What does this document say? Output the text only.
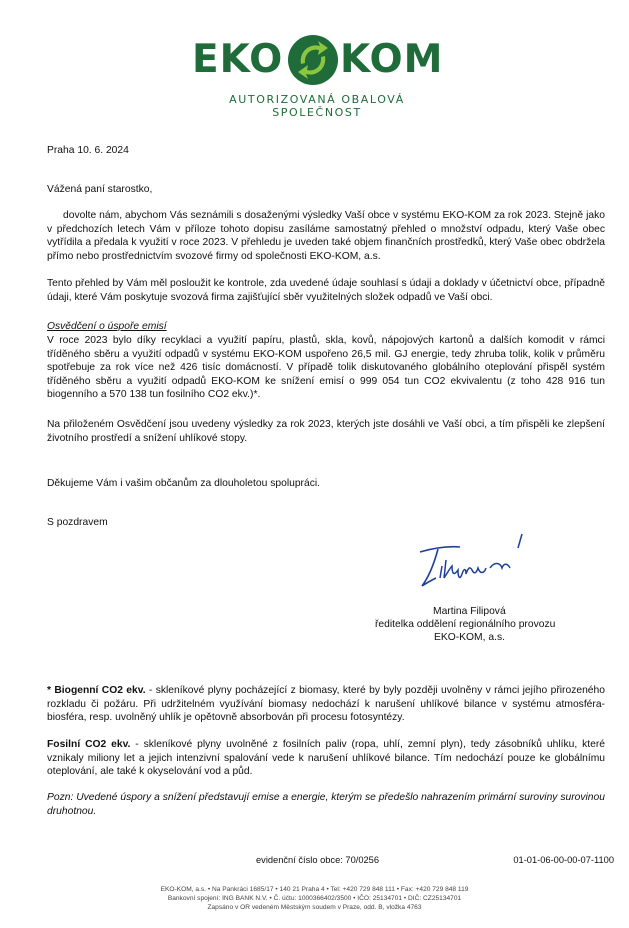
EKO KOM
AUTORIZOVANÁ OBALOVÁ SPOLEČNOST
Praha 10. 6. 2024
Vážená paní starostko,
dovolte nám, abychom Vás seznámili s dosaženými výsledky Vaší obce v systému EKO-KOM za rok 2023. Stejně jako v předchozích letech Vám v příloze tohoto dopisu zasíláme samostatný přehled o množství odpadu, který Vaše obec vytřídila a předala k využití v roce 2023. V přehledu je uveden také objem finančních prostředků, který Vaše obec obdržela přímo nebo prostřednictvím svozové firmy od společnosti EKO-KOM, a.s.
Tento přehled by Vám měl posloužit ke kontrole, zda uvedené údaje souhlasí s údaji a doklady v účetnictví obce, případně údaji, které Vám poskytuje svozová firma zajišťující sběr využitelných složek odpadů ve Vaší obci.
Osvědčení o úspoře emisí
V roce 2023 bylo díky recyklaci a využití papíru, plastů, skla, kovů, nápojových kartonů a dalších komodit v rámci tříděného sběru a využití odpadů v systému EKO-KOM uspořeno 26,5 mil. GJ energie, tedy zhruba tolik, kolik v průměru spotřebuje za rok více než 426 tisíc domácností. V případě tolik diskutovaného globálního oteplování přispěl systém tříděného sběru a využití odpadů EKO-KOM ke snížení emisí o 999 054 tun CO2 ekvivalentu (z toho 428 916 tun biogenního a 570 138 tun fosilního CO2 ekv.)*.
Na přiloženém Osvědčení jsou uvedeny výsledky za rok 2023, kterých jste dosáhli ve Vaší obci, a tím přispěli ke zlepšení životního prostředí a snížení uhlíkové stopy.
Děkujeme Vám i vašim občanům za dlouholetou spolupráci.
S pozdravem
Martina Filipová
ředitelka oddělení regionálního provozu
EKO-KOM, a.s.
* Biogenní CO2 ekv. - skleníkové plyny pocházející z biomasy, které by byly později uvolněny v rámci jejího přirozeného rozkladu či požáru. Při udržitelném využívání biomasy nedochází k narušení uhlíkové bilance v systému atmosféra-biosféra, resp. uvolněný uhlík je opětovně absorbován při procesu fotosyntézy.
Fosilní CO2 ekv. - skleníkové plyny uvolněné z fosilních paliv (ropa, uhlí, zemní plyn), tedy zásobníků uhlíku, které vznikaly miliony let a jejich intenzivní spalování vede k narušení uhlíkové bilance. Tím nedochází pouze ke globálnímu oteplování, ale také k okyselování vod a půd.
Pozn: Uvedené úspory a snížení představují emise a energie, kterým se předešlo nahrazením primární suroviny surovinou druhotnou.
evidenční číslo obce: 70/0256	01-01-06-00-00-07-1100
EKO-KOM, a.s. • Na Pankráci 1685/17 • 140 21 Praha 4 • Tel: +420 729 848 111 • Fax: +420 729 848 119
Bankovní spojení: ING BANK N.V. • Č. účtu: 1000366402/3500 • IČO: 25134701 • DIČ: CZ25134701
Zapsáno v OR vedeném Městským soudem v Praze, odd. B, vložka 4763
